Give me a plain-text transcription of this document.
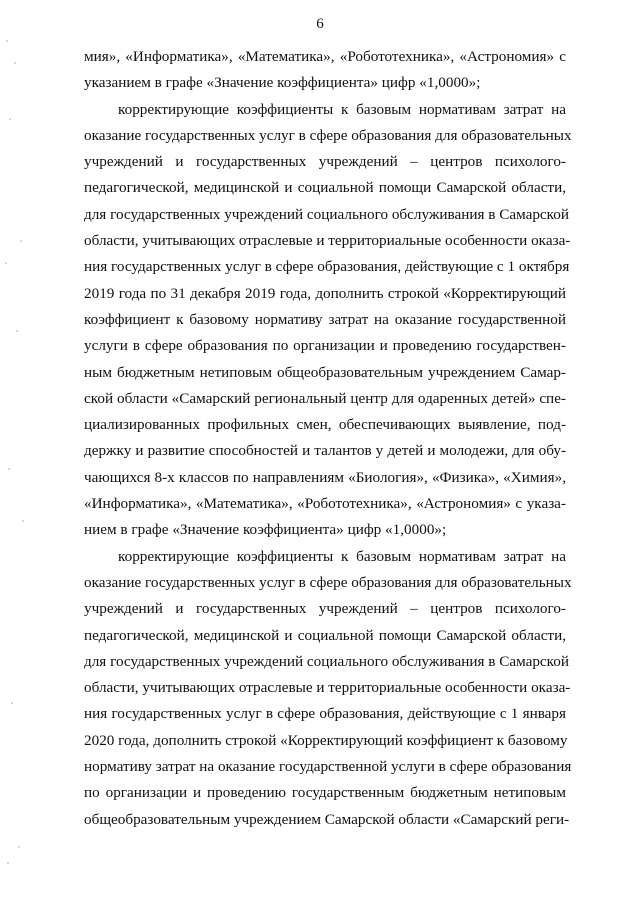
6
мия», «Информатика», «Математика», «Робототехника», «Астрономия» с
указанием в графе «Значение коэффициента» цифр «1,0000»;
корректирующие коэффициенты к базовым нормативам затрат на
оказание государственных услуг в сфере образования для образовательных
учреждений и государственных учреждений – центров психолого-
педагогической, медицинской и социальной помощи Самарской области,
для государственных учреждений социального обслуживания в Самарской
области, учитывающих отраслевые и территориальные особенности оказа-
ния государственных услуг в сфере образования, действующие с 1 октября
2019 года по 31 декабря 2019 года, дополнить строкой «Корректирующий
коэффициент к базовому нормативу затрат на оказание государственной
услуги в сфере образования по организации и проведению государствен-
ным бюджетным нетиповым общеобразовательным учреждением Самар-
ской области «Самарский региональный центр для одаренных детей» спе-
циализированных профильных смен, обеспечивающих выявление, под-
держку и развитие способностей и талантов у детей и молодежи, для обу-
чающихся 8-х классов по направлениям «Биология», «Физика», «Химия»,
«Информатика», «Математика», «Робототехника», «Астрономия» с указа-
нием в графе «Значение коэффициента» цифр «1,0000»;
корректирующие коэффициенты к базовым нормативам затрат на
оказание государственных услуг в сфере образования для образовательных
учреждений и государственных учреждений – центров психолого-
педагогической, медицинской и социальной помощи Самарской области,
для государственных учреждений социального обслуживания в Самарской
области, учитывающих отраслевые и территориальные особенности оказа-
ния государственных услуг в сфере образования, действующие с 1 января
2020 года, дополнить строкой «Корректирующий коэффициент к базовому
нормативу затрат на оказание государственной услуги в сфере образования
по организации и проведению государственным бюджетным нетиповым
общеобразовательным учреждением Самарской области «Самарский реги-
